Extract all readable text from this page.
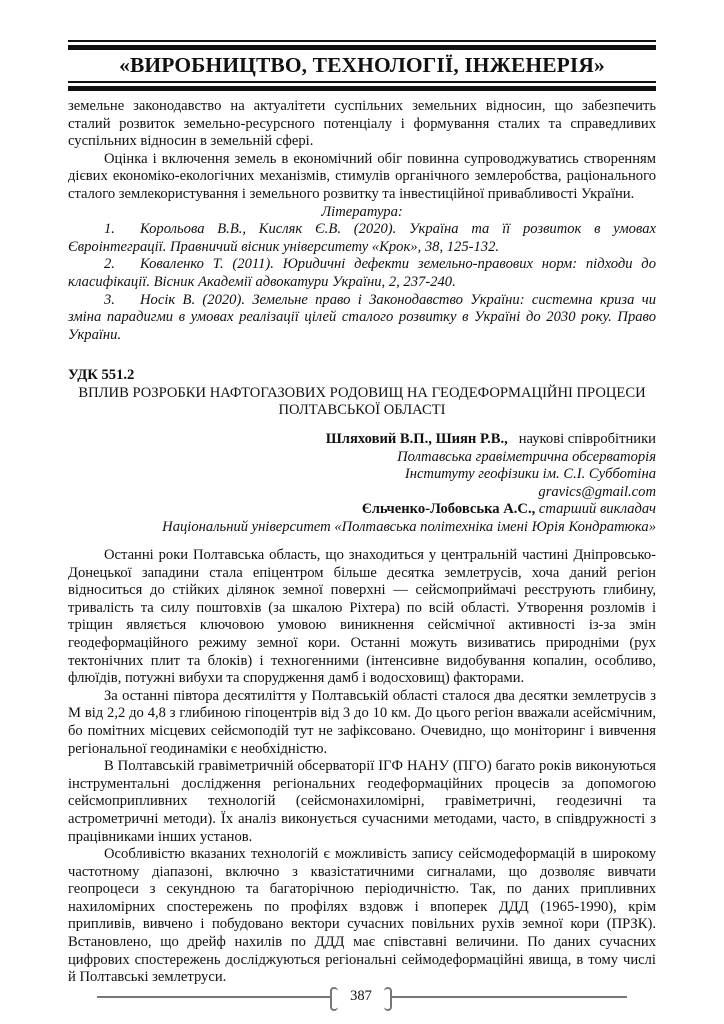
«ВИРОБНИЦТВО, ТЕХНОЛОГІЇ, ІНЖЕНЕРІЯ»

земельне законодавство на актуалітети суспільних земельних відносин, що забезпечить сталий розвиток земельно-ресурсного потенціалу і формування сталих та справедливих суспільних відносин в земельній сфері.

Оцінка і включення земель в економічний обіг повинна супроводжуватись створенням дієвих економіко-екологічних механізмів, стимулів органічного землеробства, раціонального сталого землекористування і земельного розвитку та інвестиційної привабливості України.

Література:

1. Корольова В.В., Кисляк Є.В. (2020). Україна та її розвиток в умовах Євроінтеграції. Правничий вісник університету «Крок», 38, 125-132.

2. Коваленко Т. (2011). Юридичні дефекти земельно-правових норм: підходи до класифікації. Вісник Академії адвокатури України, 2, 237-240.

3. Носік В. (2020). Земельне право і Законодавство України: системна криза чи зміна парадигми в умовах реалізації цілей сталого розвитку в Україні до 2030 року. Право України.

УДК 551.2
ВПЛИВ РОЗРОБКИ НАФТОГАЗОВИХ РОДОВИЩ НА ГЕОДЕФОРМАЦІЙНІ ПРОЦЕСИ
ПОЛТАВСЬКОЇ ОБЛАСТІ
Шляховий В.П., Шиян Р.В., наукові співробітники
Полтавська гравіметрична обсерваторія
Інституту геофізики ім. С.І. Субботіна
gravics@gmail.com
Єльченко-Лобовська А.С., старший викладач
Національний університет «Полтавська політехніка імені Юрія Кондратюка»

Останні роки Полтавська область, що знаходиться у центральній частині Дніпровсько-Донецької западини стала епіцентром більше десятка землетрусів, хоча даний регіон відноситься до стійких ділянок земної поверхні — сейсмоприймачі реєструють глибину, тривалість та силу поштовхів (за шкалою Ріхтера) по всій області. Утворення розломів і тріщин являється ключовою умовою виникнення сейсмічної активності із-за змін геодеформаційного режиму земної кори. Останні можуть визиватись природніми (рух тектонічних плит та блоків) і техногенними (інтенсивне видобування копалин, особливо, флюїдів, потужні вибухи та спорудження дамб і водосховищ) факторами.

За останні півтора десятиліття у Полтавській області сталося два десятки землетрусів з М від 2,2 до 4,8 з глибиною гіпоцентрів від 3 до 10 км. До цього регіон вважали асейсмічним, бо помітних місцевих сейсмоподій тут не зафіксовано. Очевидно, що моніторинг і вивчення регіональної геодинаміки є необхідністю.

В Полтавській гравіметричній обсерваторії ІГФ НАНУ (ПГО) багато років виконуються інструментальні дослідження регіональних геодеформаційних процесів за допомогою сейсмоприпливних технологій (сейсмонахиломірні, гравіметричні, геодезичні та астрометричні методи). Їх аналіз виконується сучасними методами, часто, в співдружності з працівниками інших установ.

Особливістю вказаних технологій є можливість запису сейсмодеформацій в широкому частотному діапазоні, включно з квазістатичними сигналами, що дозволяє вивчати геопроцеси з секундною та багаторічною періодичністю. Так, по даних припливних нахиломірних спостережень по профілях вздовж і впоперек ДДД (1965-1990), крім припливів, вивчено і побудовано вектори сучасних повільних рухів земної кори (ПРЗК). Встановлено, що дрейф нахилів по ДДД має співставні величини. По даних сучасних цифрових спостережень досліджуються регіональні сеймодеформаційні явища, в тому числі й Полтавські землетруси.

387
